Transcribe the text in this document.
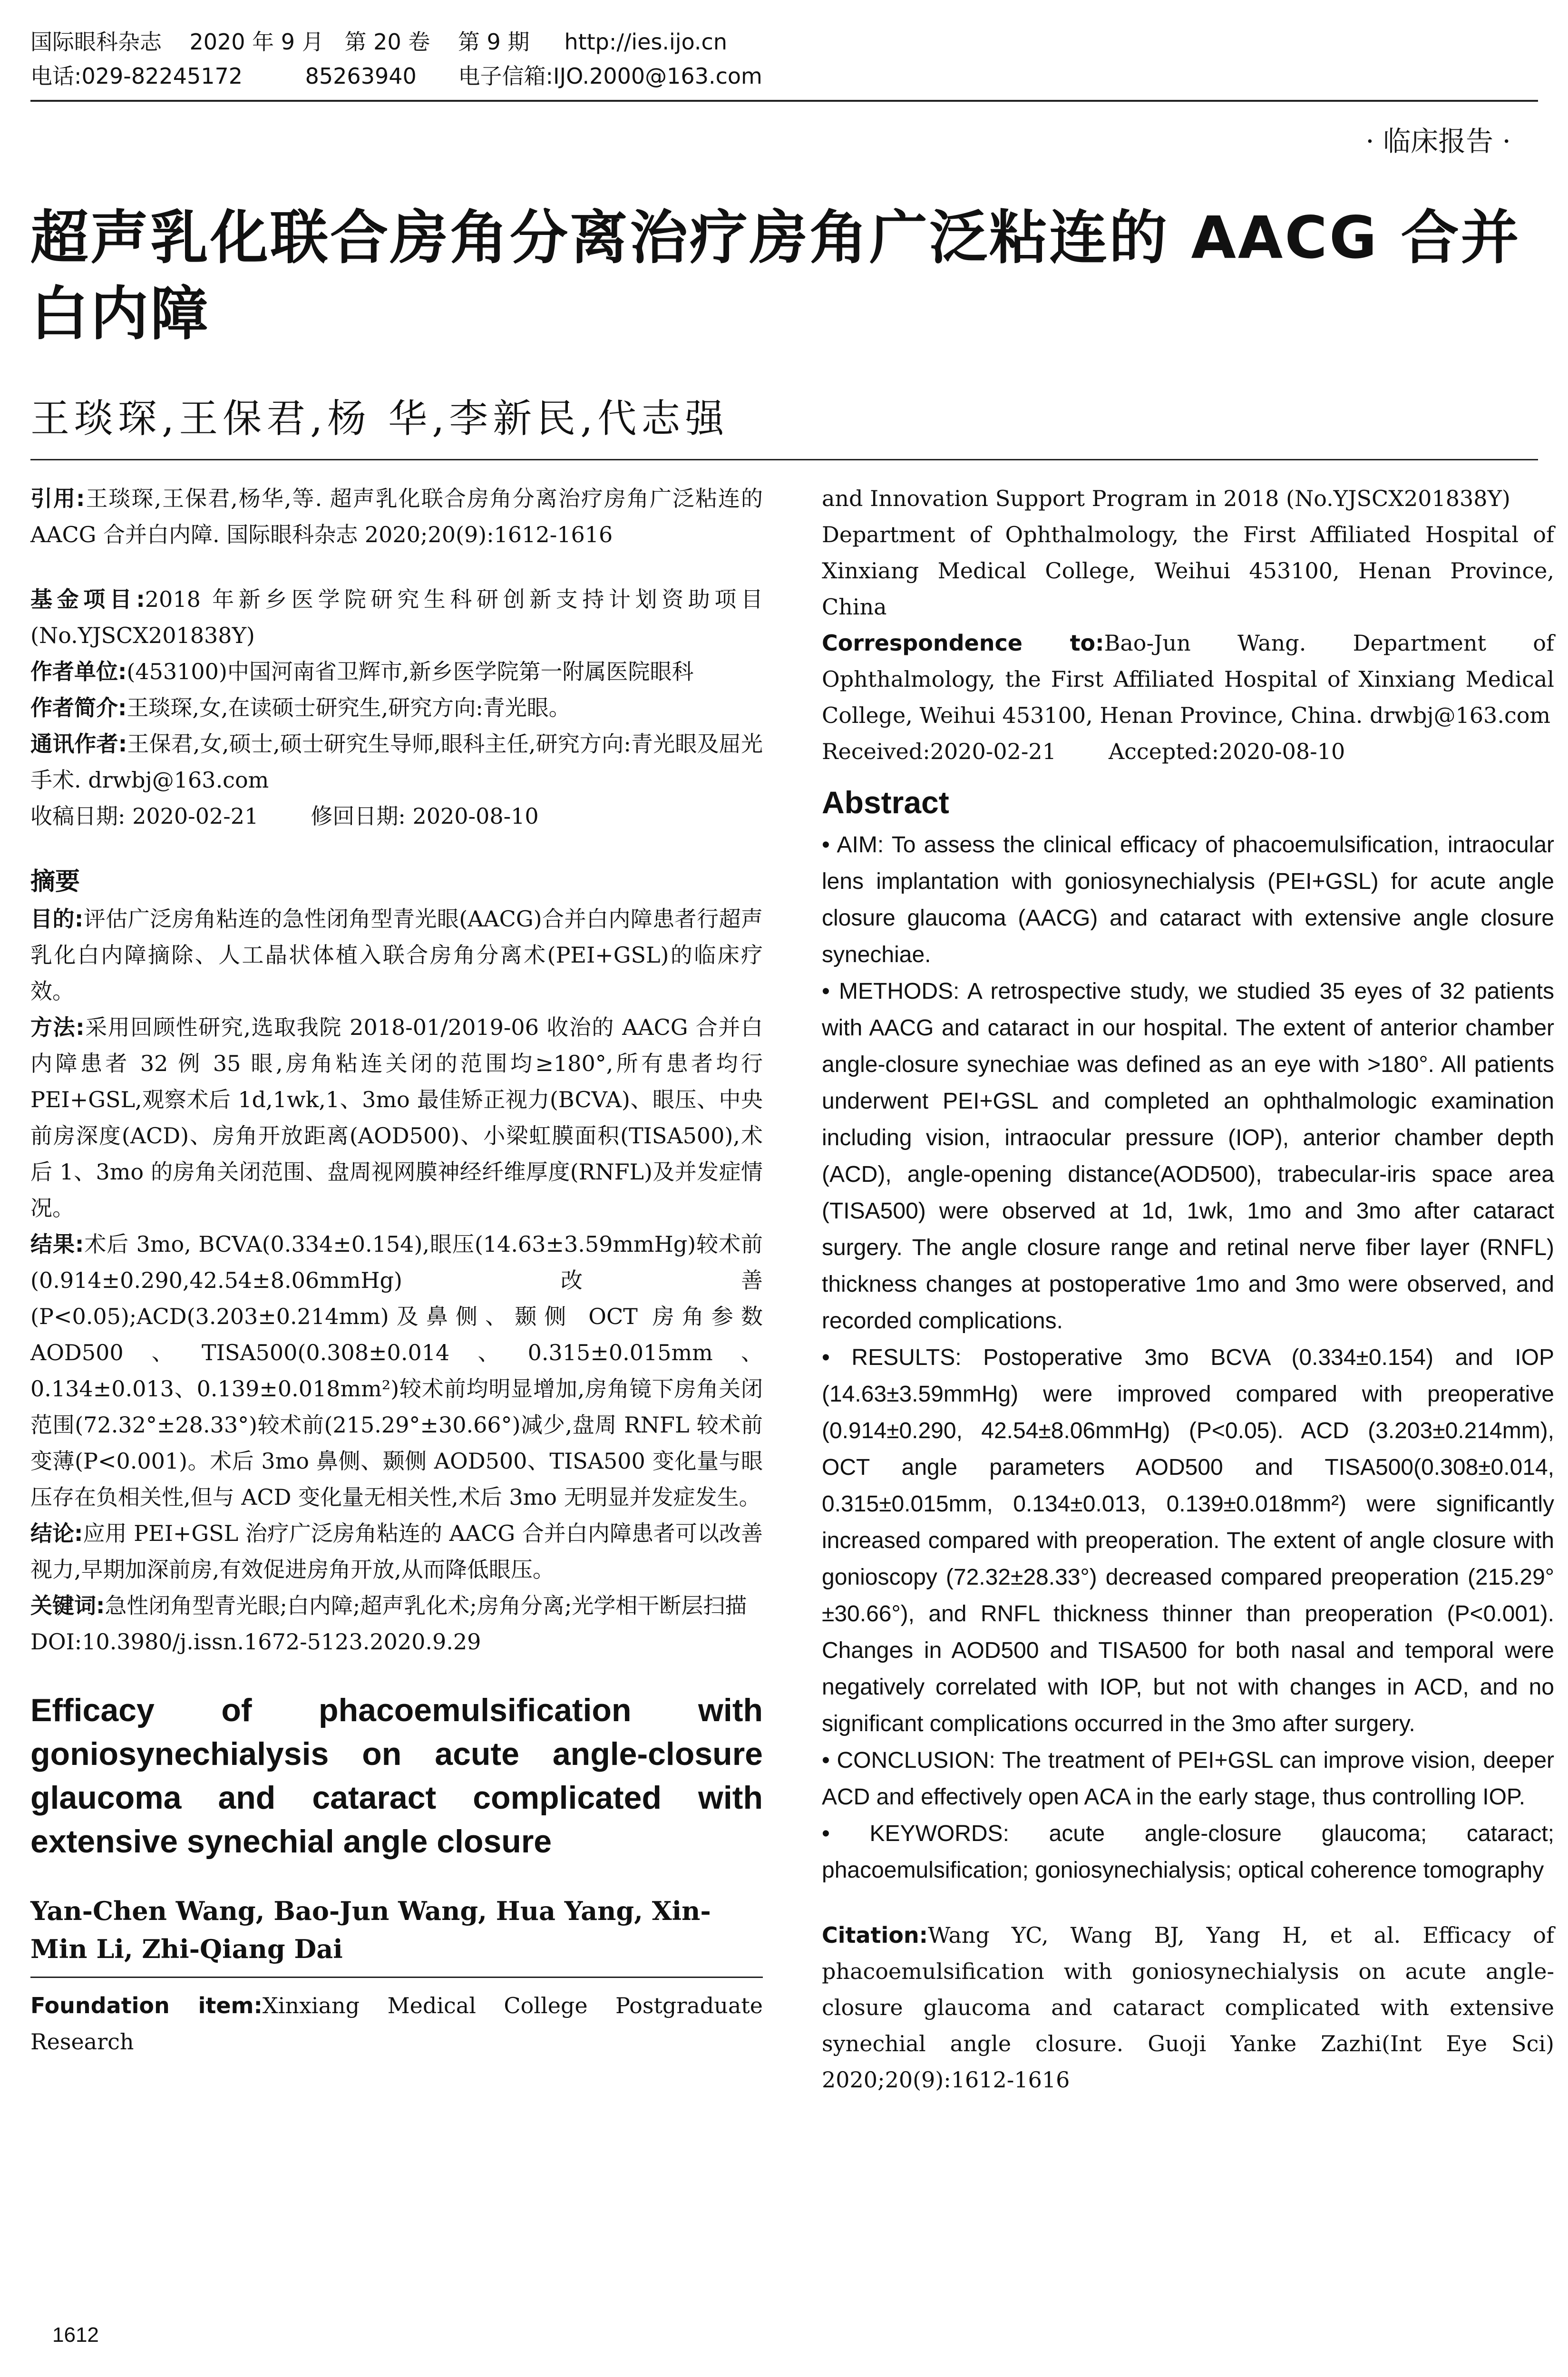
国际眼科杂志    2020 年 9 月   第 20 卷    第 9 期     http://ies.ijo.cn
电话:029-82245172         85263940      电子信箱:IJO.2000@163.com
· 临床报告 ·
超声乳化联合房角分离治疗房角广泛粘连的 AACG 合并白内障
王琰琛,王保君,杨 华,李新民,代志强

引用:王琰琛,王保君,杨华,等. 超声乳化联合房角分离治疗房角广泛粘连的 AACG 合并白内障. 国际眼科杂志 2020;20(9):1612-1616

基金项目:2018 年新乡医学院研究生科研创新支持计划资助项目(No.YJSCX201838Y)

作者单位:(453100)中国河南省卫辉市,新乡医学院第一附属医院眼科

作者简介:王琰琛,女,在读硕士研究生,研究方向:青光眼。

通讯作者:王保君,女,硕士,硕士研究生导师,眼科主任,研究方向:青光眼及屈光手术. drwbj@163.com

收稿日期: 2020-02-21 修回日期: 2020-08-10

摘要

目的:评估广泛房角粘连的急性闭角型青光眼(AACG)合并白内障患者行超声乳化白内障摘除、人工晶状体植入联合房角分离术(PEI+GSL)的临床疗效。

方法:采用回顾性研究,选取我院 2018-01/2019-06 收治的 AACG 合并白内障患者 32 例 35 眼,房角粘连关闭的范围均≥180°,所有患者均行 PEI+GSL,观察术后 1d,1wk,1、3mo 最佳矫正视力(BCVA)、眼压、中央前房深度(ACD)、房角开放距离(AOD500)、小梁虹膜面积(TISA500),术后 1、3mo 的房角关闭范围、盘周视网膜神经纤维厚度(RNFL)及并发症情况。

结果:术后 3mo, BCVA(0.334±0.154),眼压(14.63±3.59mmHg)较术前(0.914±0.290,42.54±8.06mmHg)改善(P<0.05);ACD(3.203±0.214mm)及鼻侧、颞侧 OCT 房角参数 AOD500、TISA500(0.308±0.014、0.315±0.015mm、0.134±0.013、0.139±0.018mm²)较术前均明显增加,房角镜下房角关闭范围(72.32°±28.33°)较术前(215.29°±30.66°)减少,盘周 RNFL 较术前变薄(P<0.001)。术后 3mo 鼻侧、颞侧 AOD500、TISA500 变化量与眼压存在负相关性,但与 ACD 变化量无相关性,术后 3mo 无明显并发症发生。

结论:应用 PEI+GSL 治疗广泛房角粘连的 AACG 合并白内障患者可以改善视力,早期加深前房,有效促进房角开放,从而降低眼压。

关键词:急性闭角型青光眼;白内障;超声乳化术;房角分离;光学相干断层扫描

DOI:10.3980/j.issn.1672-5123.2020.9.29

Efficacy of phacoemulsification with goniosynechialysis on acute angle-closure glaucoma and cataract complicated with extensive synechial angle closure

Yan-Chen Wang, Bao-Jun Wang, Hua Yang, Xin-Min Li, Zhi-Qiang Dai

Foundation item:Xinxiang Medical College Postgraduate Research

and Innovation Support Program in 2018 (No.YJSCX201838Y)

Department of Ophthalmology, the First Affiliated Hospital of Xinxiang Medical College, Weihui 453100, Henan Province, China

Correspondence to:Bao-Jun Wang. Department of Ophthalmology, the First Affiliated Hospital of Xinxiang Medical College, Weihui 453100, Henan Province, China. drwbj@163.com

Received:2020-02-21 Accepted:2020-08-10

Abstract

• AIM: To assess the clinical efficacy of phacoemulsification, intraocular lens implantation with goniosynechialysis (PEI+GSL) for acute angle closure glaucoma (AACG) and cataract with extensive angle closure synechiae.

• METHODS: A retrospective study, we studied 35 eyes of 32 patients with AACG and cataract in our hospital. The extent of anterior chamber angle-closure synechiae was defined as an eye with >180°. All patients underwent PEI+GSL and completed an ophthalmologic examination including vision, intraocular pressure (IOP), anterior chamber depth (ACD), angle-opening distance(AOD500), trabecular-iris space area (TISA500) were observed at 1d, 1wk, 1mo and 3mo after cataract surgery. The angle closure range and retinal nerve fiber layer (RNFL) thickness changes at postoperative 1mo and 3mo were observed, and recorded complications.

• RESULTS: Postoperative 3mo BCVA (0.334±0.154) and IOP (14.63±3.59mmHg) were improved compared with preoperative (0.914±0.290, 42.54±8.06mmHg) (P<0.05). ACD (3.203±0.214mm), OCT angle parameters AOD500 and TISA500(0.308±0.014, 0.315±0.015mm, 0.134±0.013, 0.139±0.018mm²) were significantly increased compared with preoperation. The extent of angle closure with gonioscopy (72.32±28.33°) decreased compared preoperation (215.29°±30.66°), and RNFL thickness thinner than preoperation (P<0.001). Changes in AOD500 and TISA500 for both nasal and temporal were negatively correlated with IOP, but not with changes in ACD, and no significant complications occurred in the 3mo after surgery.

• CONCLUSION: The treatment of PEI+GSL can improve vision, deeper ACD and effectively open ACA in the early stage, thus controlling IOP.

• KEYWORDS: acute angle-closure glaucoma; cataract; phacoemulsification; goniosynechialysis; optical coherence tomography

Citation:Wang YC, Wang BJ, Yang H, et al. Efficacy of phacoemulsification with goniosynechialysis on acute angle-closure glaucoma and cataract complicated with extensive synechial angle closure. Guoji Yanke Zazhi(Int Eye Sci) 2020;20(9):1612-1616

1612
